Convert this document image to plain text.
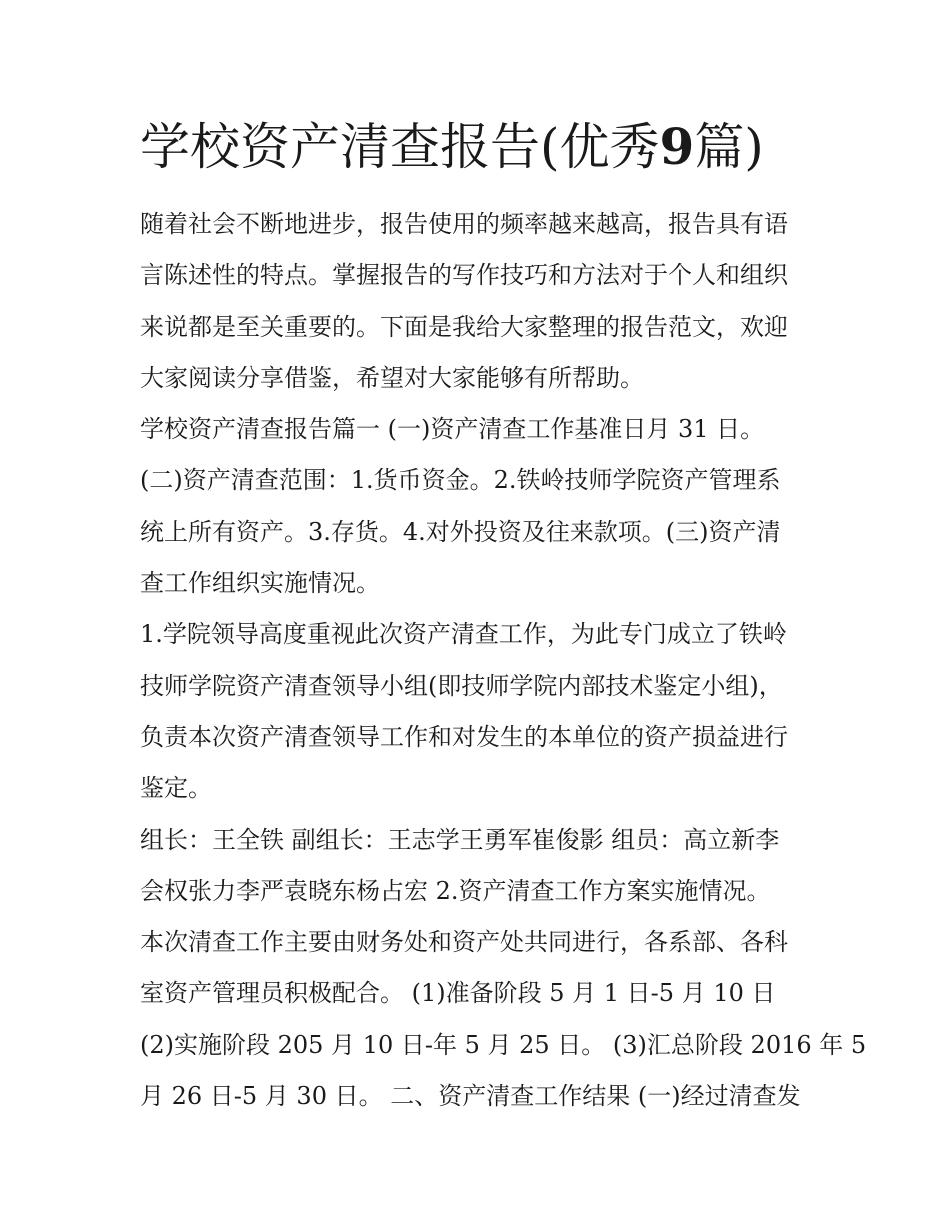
学校资产清查报告(优秀9篇)
随着社会不断地进步，报告使用的频率越来越高，报告具有语
言陈述性的特点。掌握报告的写作技巧和方法对于个人和组织
来说都是至关重要的。下面是我给大家整理的报告范文，欢迎
大家阅读分享借鉴，希望对大家能够有所帮助。
学校资产清查报告篇一 (一)资产清查工作基准日月 31 日。
(二)资产清查范围：1.货币资金。2.铁岭技师学院资产管理系
统上所有资产。3.存货。4.对外投资及往来款项。(三)资产清
查工作组织实施情况。
1.学院领导高度重视此次资产清查工作，为此专门成立了铁岭
技师学院资产清查领导小组(即技师学院内部技术鉴定小组)，
负责本次资产清查领导工作和对发生的本单位的资产损益进行
鉴定。
组长：王全铁 副组长：王志学王勇军崔俊影 组员：高立新李
会权张力李严袁晓东杨占宏 2.资产清查工作方案实施情况。
本次清查工作主要由财务处和资产处共同进行，各系部、各科
室资产管理员积极配合。 (1)准备阶段 5 月 1 日-5 月 10 日
(2)实施阶段 205 月 10 日-年 5 月 25 日。 (3)汇总阶段 2016 年 5
月 26 日-5 月 30 日。 二、资产清查工作结果 (一)经过清查发
